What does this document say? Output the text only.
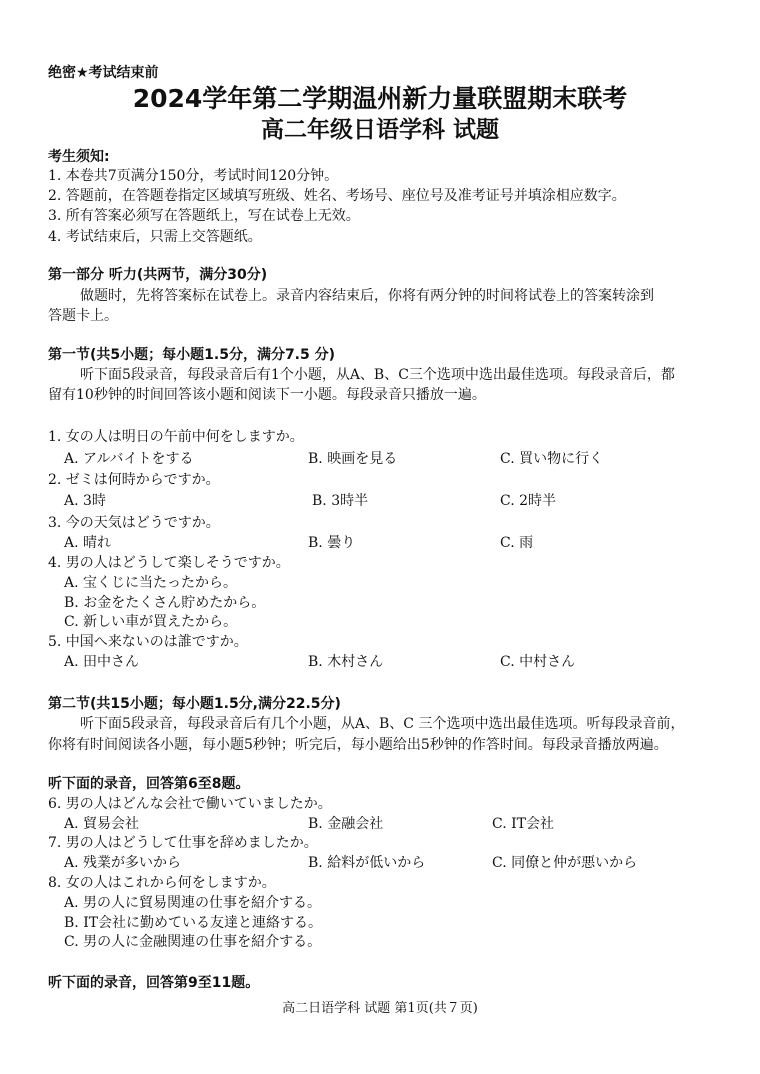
绝密★考试结束前
2024学年第二学期温州新力量联盟期末联考
高二年级日语学科 试题
考生须知:
1. 本卷共7页满分150分，考试时间120分钟。
2. 答题前，在答题卷指定区域填写班级、姓名、考场号、座位号及准考证号并填涂相应数字。
3. 所有答案必须写在答题纸上，写在试卷上无效。
4. 考试结束后，只需上交答题纸。
第一部分 听力(共两节，满分30分)
做题时，先将答案标在试卷上。录音内容结束后，你将有两分钟的时间将试卷上的答案转涂到
答题卡上。
第一节(共5小题；每小题1.5分，满分7.5 分)
听下面5段录音，每段录音后有1个小题，从A、B、C三个选项中选出最佳选项。每段录音后，都
留有10秒钟的时间回答该小题和阅读下一小题。每段录音只播放一遍。
1. 女の人は明日の午前中何をしますか。
A. アルバイトをする	B. 映画を見る	C. 買い物に行く
2. ゼミは何時からですか。
A. 3時	B. 3時半	C. 2時半
3. 今の天気はどうですか。
A. 晴れ	B. 曇り	C. 雨
4. 男の人はどうして楽しそうですか。
A. 宝くじに当たったから。
B. お金をたくさん貯めたから。
C. 新しい車が買えたから。
5. 中国へ来ないのは誰ですか。
A. 田中さん	B. 木村さん	C. 中村さん
第二节(共15小题；每小题1.5分,满分22.5分)
听下面5段录音，每段录音后有几个小题，从A、B、C 三个选项中选出最佳选项。听每段录音前，
你将有时间阅读各小题，每小题5秒钟；听完后，每小题给出5秒钟的作答时间。每段录音播放两遍。
听下面的录音，回答第6至8题。
6. 男の人はどんな会社で働いていましたか。
A. 貿易会社	B. 金融会社	C. IT会社
7. 男の人はどうして仕事を辞めましたか。
A. 残業が多いから	B. 給料が低いから	C. 同僚と仲が悪いから
8. 女の人はこれから何をしますか。
A. 男の人に貿易関連の仕事を紹介する。
B. IT会社に勤めている友達と連絡する。
C. 男の人に金融関連の仕事を紹介する。
听下面的录音，回答第9至11题。
高二日语学科 试题 第1页(共７页)
